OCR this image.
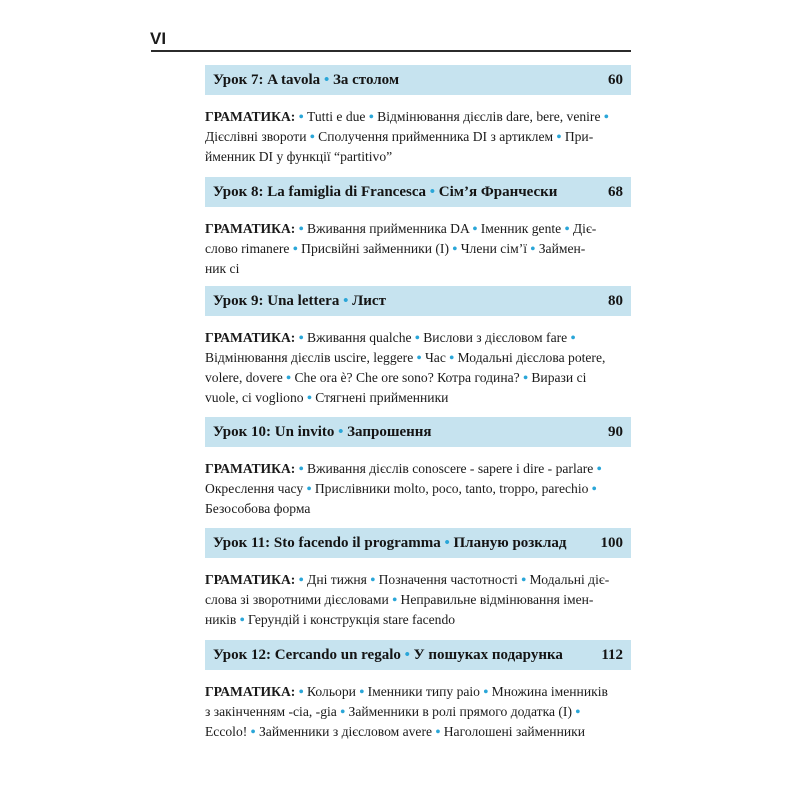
VI
Урок 7: A tavola • За столом	60
ГРАМАТИКА: • Tutti e due • Відмінювання дієслів dare, bere, venire •
Дієслівні звороти • Сполучення прийменника DI з артиклем • При-
йменник DI у функції “partitivo”
Урок 8: La famiglia di Francesca • Сім’я Франчески	68
ГРАМАТИКА: • Вживання прийменника DA • Іменник gente • Діє-
слово rimanere • Присвійні займенники (I) • Члени сім’ї • Займен-
ник ci
Урок 9: Una lettera • Лист	80
ГРАМАТИКА: • Вживання qualche • Вислови з дієсловом fare •
Відмінювання дієслів uscire, leggere • Час • Модальні дієслова potere,
volere, dovere • Che ora è? Che ore sono? Котра година? • Вирази ci
vuole, ci vogliono • Стягнені прийменники
Урок 10: Un invito • Запрошення	90
ГРАМАТИКА: • Вживання дієслів conoscere - sapere і dire - parlare •
Окреслення часу • Прислівники molto, poco, tanto, troppo, parechio •
Безособова форма
Урок 11: Sto facendo il programma • Планую розклад 100
ГРАМАТИКА: • Дні тижня • Позначення частотності • Модальні діє-
слова зі зворотними дієсловами • Неправильне відмінювання імен-
ників • Герундій і конструкція stare facendo
Урок 12: Cercando un regalo • У пошуках подарунка	112
ГРАМАТИКА: • Кольори • Іменники типу paio • Множина іменників
з закінченням -cia, -gia • Займенники в ролі прямого додатка (I) •
Eccolo! • Займенники з дієсловом avere • Наголошені займенники
